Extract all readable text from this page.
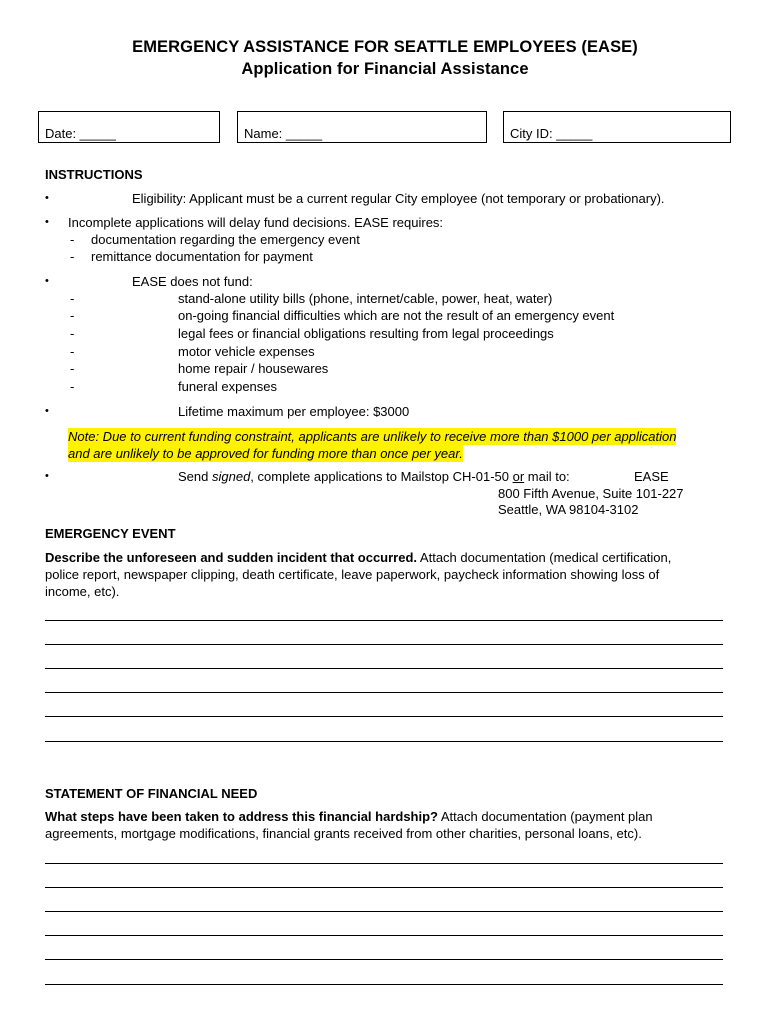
EMERGENCY ASSISTANCE FOR SEATTLE EMPLOYEES (EASE)
Application for Financial Assistance
Date: _____	Name: _____	City ID: _____
INSTRUCTIONS
•	Eligibility: Applicant must be a current regular City employee (not temporary or probationary).
• Incomplete applications will delay fund decisions. EASE requires:
- documentation regarding the emergency event
- remittance documentation for payment
•	EASE does not fund:
-	stand-alone utility bills (phone, internet/cable, power, heat, water)
-	on-going financial difficulties which are not the result of an emergency event
-	legal fees or financial obligations resulting from legal proceedings
-	motor vehicle expenses
-	home repair / housewares
-	funeral expenses
•	Lifetime maximum per employee: $3000
Note: Due to current funding constraint, applicants are unlikely to receive more than $1000 per application
and are unlikely to be approved for funding more than once per year.
•	Send signed, complete applications to Mailstop CH-01-50 or mail to:	EASE
800 Fifth Avenue, Suite 101-227
Seattle, WA 98104-3102
EMERGENCY EVENT
Describe the unforeseen and sudden incident that occurred. Attach documentation (medical certification,
police report, newspaper clipping, death certificate, leave paperwork, paycheck information showing loss of
income, etc).
STATEMENT OF FINANCIAL NEED
What steps have been taken to address this financial hardship? Attach documentation (payment plan
agreements, mortgage modifications, financial grants received from other charities, personal loans, etc).
